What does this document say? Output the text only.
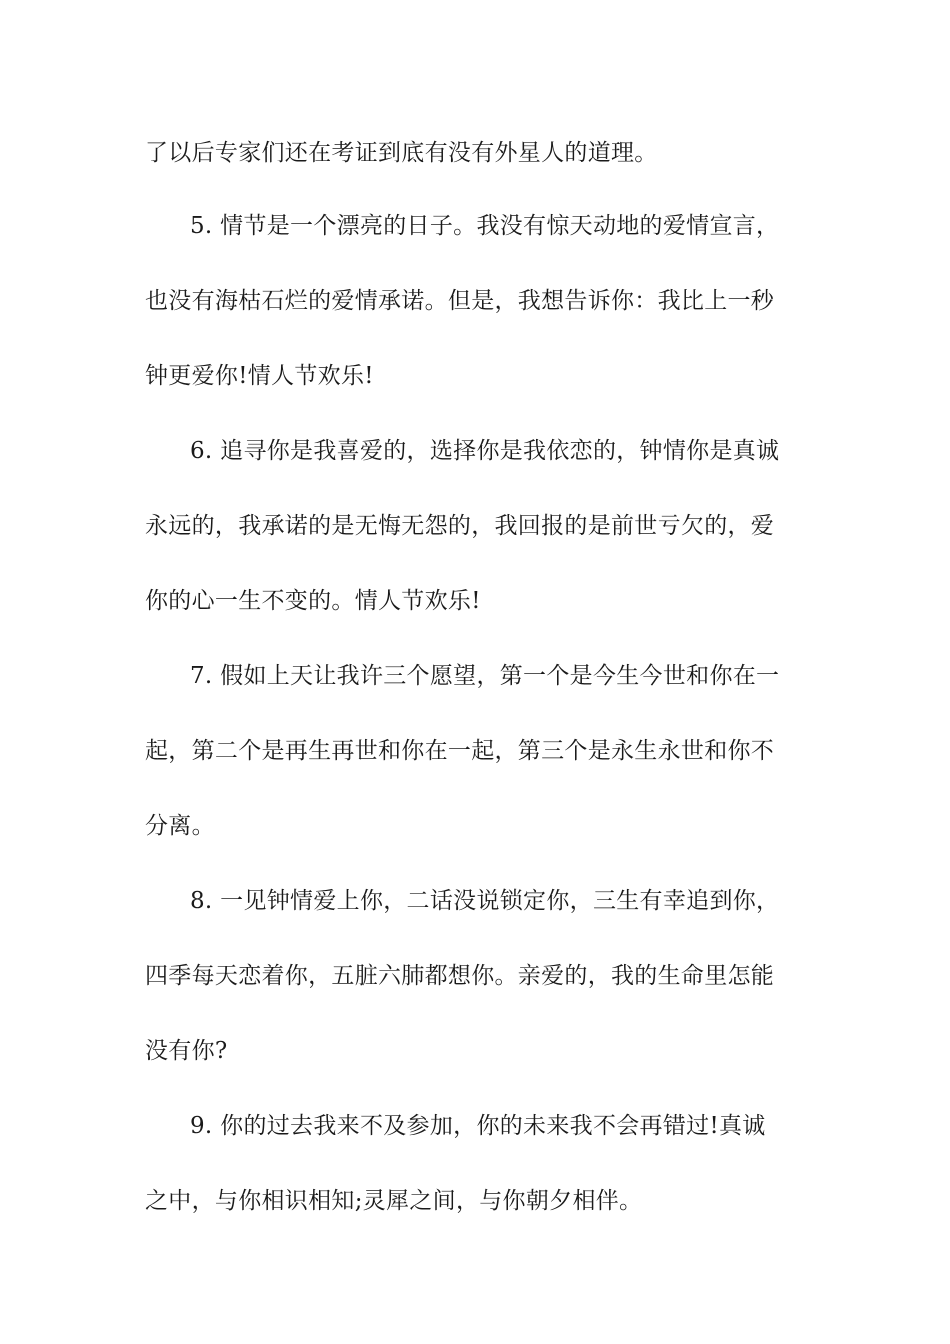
了以后专家们还在考证到底有没有外星人的道理。
5. 情节是一个漂亮的日子。我没有惊天动地的爱情宣言，
也没有海枯石烂的爱情承诺。但是，我想告诉你：我比上一秒
钟更爱你!情人节欢乐!
6. 追寻你是我喜爱的，选择你是我依恋的，钟情你是真诚
永远的，我承诺的是无悔无怨的，我回报的是前世亏欠的，爱
你的心一生不变的。情人节欢乐!
7. 假如上天让我许三个愿望，第一个是今生今世和你在一
起，第二个是再生再世和你在一起，第三个是永生永世和你不
分离。
8. 一见钟情爱上你，二话没说锁定你，三生有幸追到你，
四季每天恋着你，五脏六肺都想你。亲爱的，我的生命里怎能
没有你?
9. 你的过去我来不及参加，你的未来我不会再错过!真诚
之中，与你相识相知;灵犀之间，与你朝夕相伴。
